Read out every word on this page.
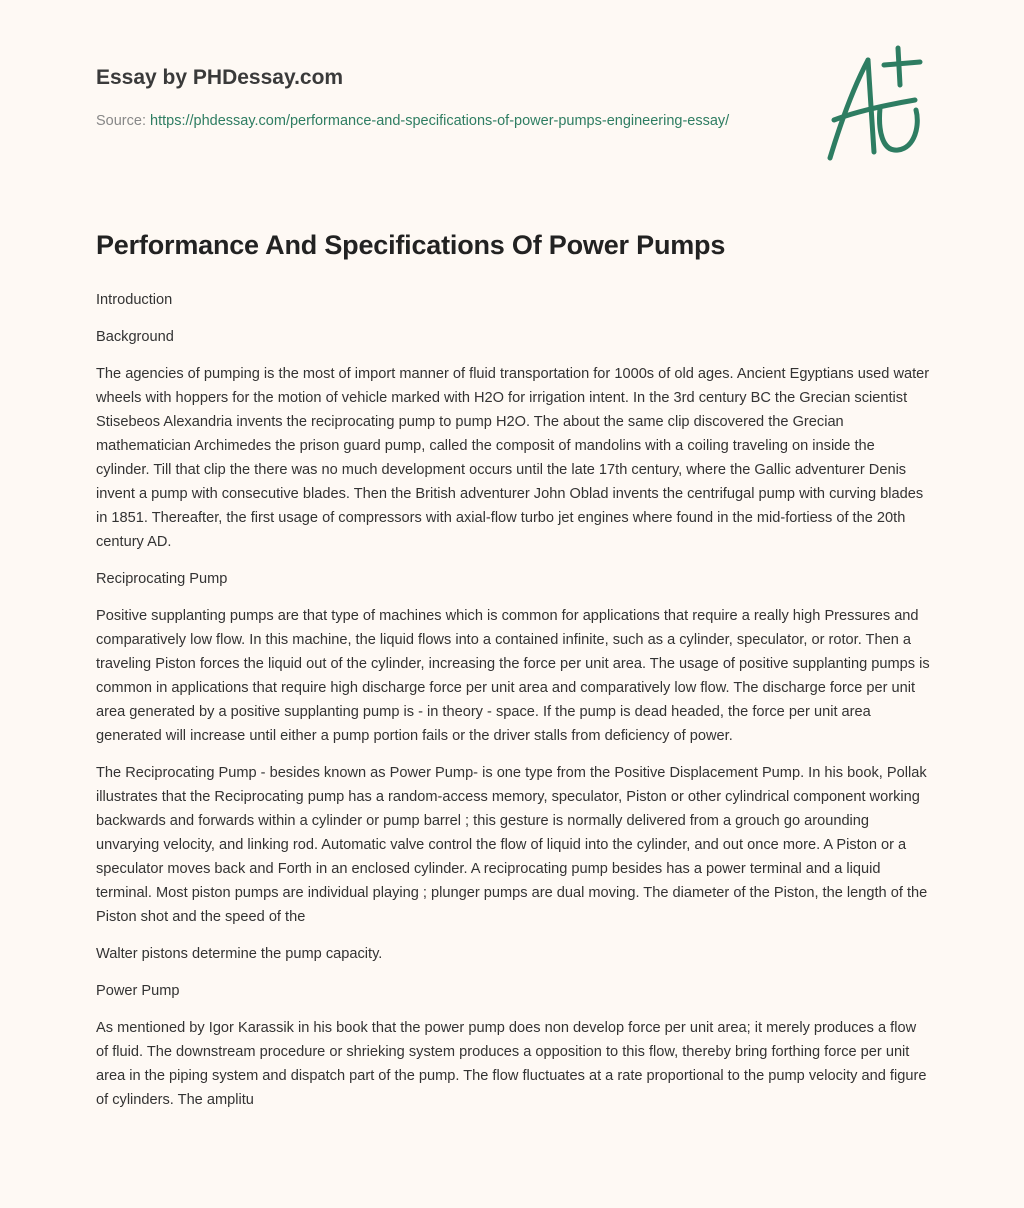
Essay by PHDessay.com
Source: https://phdessay.com/performance-and-specifications-of-power-pumps-engineering-essay/
Performance And Specifications Of Power Pumps

Introduction

Background

The agencies of pumping is the most of import manner of fluid transportation for 1000s of old ages. Ancient Egyptians used water wheels with hoppers for the motion of vehicle marked with H2O for irrigation intent. In the 3rd century BC the Grecian scientist Stisebeos Alexandria invents the reciprocating pump to pump H2O. The about the same clip discovered the Grecian mathematician Archimedes the prison guard pump, called the composit of mandolins with a coiling traveling on inside the cylinder. Till that clip the there was no much development occurs until the late 17th century, where the Gallic adventurer Denis invent a pump with consecutive blades. Then the British adventurer John Oblad invents the centrifugal pump with curving blades in 1851. Thereafter, the first usage of compressors with axial-flow turbo jet engines where found in the mid-fortiess of the 20th century AD.

Reciprocating Pump

Positive supplanting pumps are that type of machines which is common for applications that require a really high Pressures and comparatively low flow. In this machine, the liquid flows into a contained infinite, such as a cylinder, speculator, or rotor. Then a traveling Piston forces the liquid out of the cylinder, increasing the force per unit area. The usage of positive supplanting pumps is common in applications that require high discharge force per unit area and comparatively low flow. The discharge force per unit area generated by a positive supplanting pump is - in theory - space. If the pump is dead headed, the force per unit area generated will increase until either a pump portion fails or the driver stalls from deficiency of power.

The Reciprocating Pump - besides known as Power Pump- is one type from the Positive Displacement Pump. In his book, Pollak illustrates that the Reciprocating pump has a random-access memory, speculator, Piston or other cylindrical component working backwards and forwards within a cylinder or pump barrel ; this gesture is normally delivered from a grouch go arounding unvarying velocity, and linking rod. Automatic valve control the flow of liquid into the cylinder, and out once more. A Piston or a speculator moves back and Forth in an enclosed cylinder. A reciprocating pump besides has a power terminal and a liquid terminal. Most piston pumps are individual playing ; plunger pumps are dual moving. The diameter of the Piston, the length of the Piston shot and the speed of the

Walter pistons determine the pump capacity.

Power Pump

As mentioned by Igor Karassik in his book that the power pump does non develop force per unit area; it merely produces a flow of fluid. The downstream procedure or shrieking system produces a opposition to this flow, thereby bring forthing force per unit area in the piping system and dispatch part of the pump. The flow fluctuates at a rate proportional to the pump velocity and figure of cylinders. The amplitu
